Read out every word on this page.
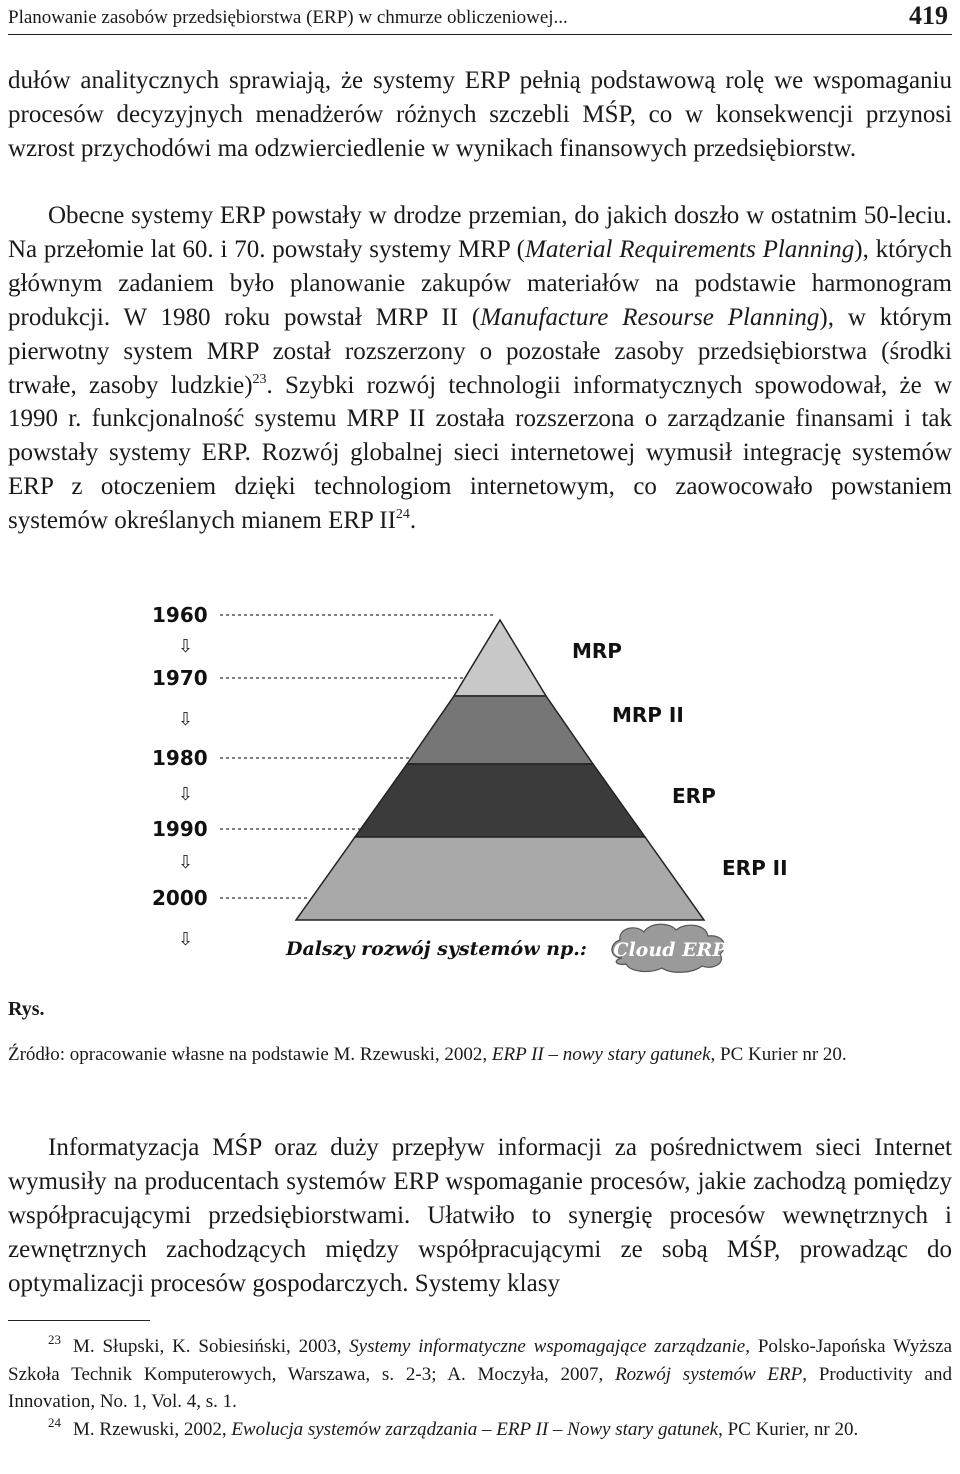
Planowanie zasobów przedsiębiorstwa (ERP) w chmurze obliczeniowej...	419

dułów analitycznych sprawiają, że systemy ERP pełnią podstawową rolę we wspomaganiu procesów decyzyjnych menadżerów różnych szczebli MŚP, co w konsekwencji przynosi wzrost przychodówi ma odzwierciedlenie w wynikach finansowych przedsiębiorstw.

Obecne systemy ERP powstały w drodze przemian, do jakich doszło w ostatnim 50-leciu. Na przełomie lat 60. i 70. powstały systemy MRP (Material Requirements Planning), których głównym zadaniem było planowanie zakupów materiałów na podstawie harmonogram produkcji. W 1980 roku powstał MRP II (Manufacture Resourse Planning), w którym pierwotny system MRP został rozszerzony o pozostałe zasoby przedsiębiorstwa (środki trwałe, zasoby ludzkie)$^{23}$. Szybki rozwój technologii informatycznych spowodował, że w 1990 r. funkcjonalność systemu MRP II została rozszerzona o zarządzanie finansami i tak powstały systemy ERP. Rozwój globalnej sieci internetowej wymusił integrację systemów ERP z otoczeniem dzięki technologiom internetowym, co zaowocowało powstaniem systemów określanych mianem ERP II$^{24}$.

1960
1970
1980
1990
2000
⇩
⇩
⇩
⇩
⇩
MRP
MRP II
ERP
ERP II
Dalszy rozwój systemów np.: Cloud ERP
Rys.

Źródło: opracowanie własne na podstawie M. Rzewuski, 2002, ERP II – nowy stary gatunek, PC Kurier nr 20.

Informatyzacja MŚP oraz duży przepływ informacji za pośrednictwem sieci Internet wymusiły na producentach systemów ERP wspomaganie procesów, jakie zachodzą pomiędzy współpracującymi przedsiębiorstwami. Ułatwiło to synergię procesów wewnętrznych i zewnętrznych zachodzących między współpracującymi ze sobą MŚP, prowadząc do optymalizacji procesów gospodarczych. Systemy klasy

$^{23}$ M. Słupski, K. Sobiesiński, 2003, Systemy informatyczne wspomagające zarządzanie, Polsko-Japońska Wyższa Szkoła Technik Komputerowych, Warszawa, s. 2-3; A. Moczyła, 2007, Rozwój systemów ERP, Productivity and Innovation, No. 1, Vol. 4, s. 1.

$^{24}$ M. Rzewuski, 2002, Ewolucja systemów zarządzania – ERP II – Nowy stary gatunek, PC Kurier, nr 20.
